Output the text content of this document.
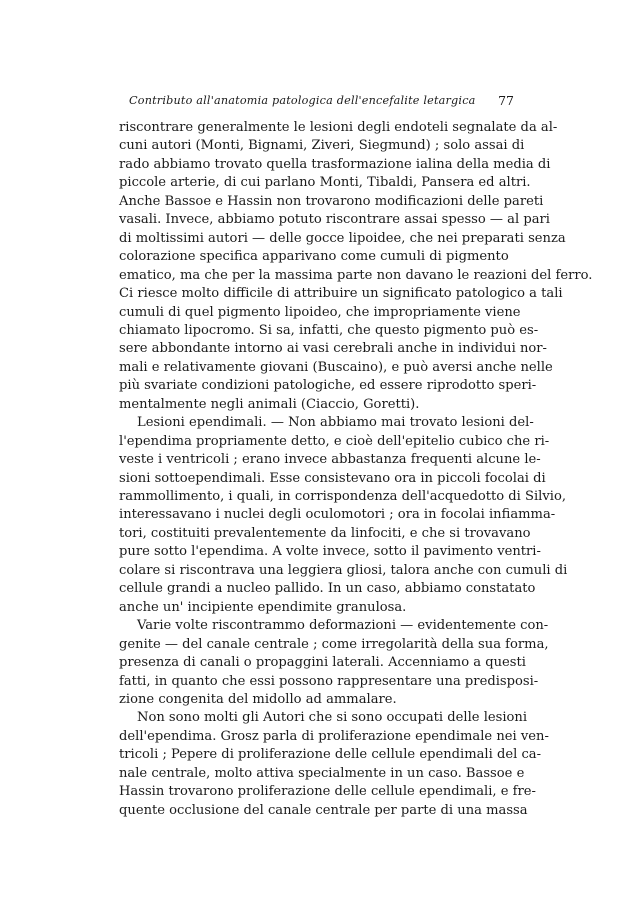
Contributo all'anatomia patologica dell'encefalite letargica 77
riscontrare generalmente le lesioni degli endoteli segnalate da al-
cuni autori (Monti, Bignami, Ziveri, Siegmund) ; solo assai di
rado abbiamo trovato quella trasformazione ialina della media di
piccole arterie, di cui parlano Monti, Tibaldi, Pansera ed altri.
Anche Bassoe e Hassin non trovarono modificazioni delle pareti
vasali. Invece, abbiamo potuto riscontrare assai spesso — al pari
di moltissimi autori — delle gocce lipoidee, che nei preparati senza
colorazione specifica apparivano come cumuli di pigmento
ematico, ma che per la massima parte non davano le reazioni del ferro.
Ci riesce molto difficile di attribuire un significato patologico a tali
cumuli di quel pigmento lipoideo, che impropriamente viene
chiamato lipocromo. Si sa, infatti, che questo pigmento può es-
sere abbondante intorno ai vasi cerebrali anche in individui nor-
mali e relativamente giovani (Buscaino), e può aversi anche nelle
più svariate condizioni patologiche, ed essere riprodotto speri-
mentalmente negli animali (Ciaccio, Goretti).
Lesioni ependimali. — Non abbiamo mai trovato lesioni del-
l'ependima propriamente detto, e cioè dell'epitelio cubico che ri-
veste i ventricoli ; erano invece abbastanza frequenti alcune le-
sioni sottoependimali. Esse consistevano ora in piccoli focolai di
rammollimento, i quali, in corrispondenza dell'acquedotto di Silvio,
interessavano i nuclei degli oculomotori ; ora in focolai infiamma-
tori, costituiti prevalentemente da linfociti, e che si trovavano
pure sotto l'ependima. A volte invece, sotto il pavimento ventri-
colare si riscontrava una leggiera gliosi, talora anche con cumuli di
cellule grandi a nucleo pallido. In un caso, abbiamo constatato
anche un' incipiente ependimite granulosa.
Varie volte riscontrammo deformazioni — evidentemente con-
genite — del canale centrale ; come irregolarità della sua forma,
presenza di canali o propaggini laterali. Accenniamo a questi
fatti, in quanto che essi possono rappresentare una predisposi-
zione congenita del midollo ad ammalare.
Non sono molti gli Autori che si sono occupati delle lesioni
dell'ependima. Grosz parla di proliferazione ependimale nei ven-
tricoli ; Pepere di proliferazione delle cellule ependimali del ca-
nale centrale, molto attiva specialmente in un caso. Bassoe e
Hassin trovarono proliferazione delle cellule ependimali, e fre-
quente occlusione del canale centrale per parte di una massa
